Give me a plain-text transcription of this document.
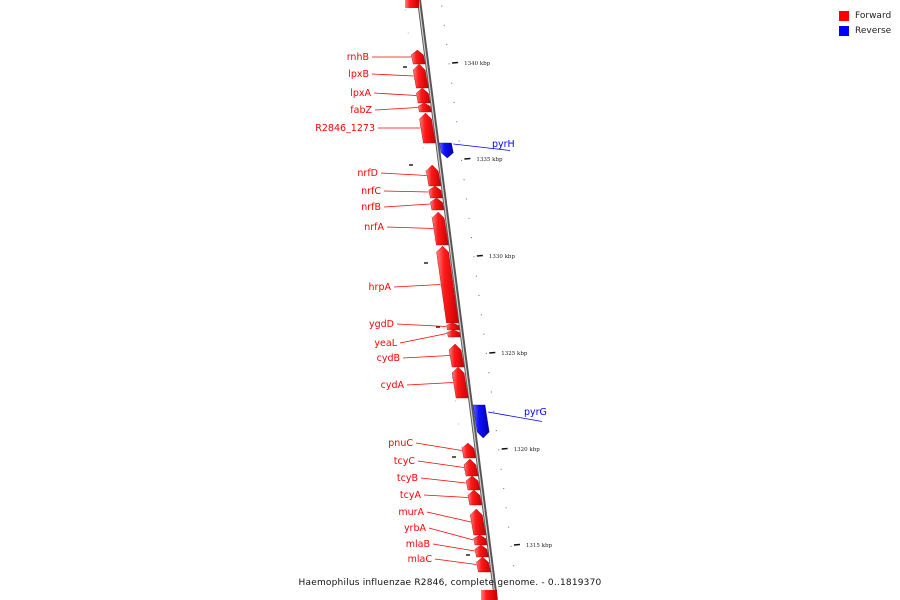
1340 kbp
1335 kbp
1330 kbp
1325 kbp
1320 kbp
1315 kbp
rnhB
lpxB
lpxA
fabZ
R2846_1273
pyrH
nrfD
nrfC
nrfB
nrfA
hrpA
ygdD
yeaL
cydB
cydA
pyrG
pnuC
tcyC
tcyB
tcyA
murA
yrbA
mlaB
mlaC
Forward
Reverse
Haemophilus influenzae R2846, complete genome. - 0..1819370
